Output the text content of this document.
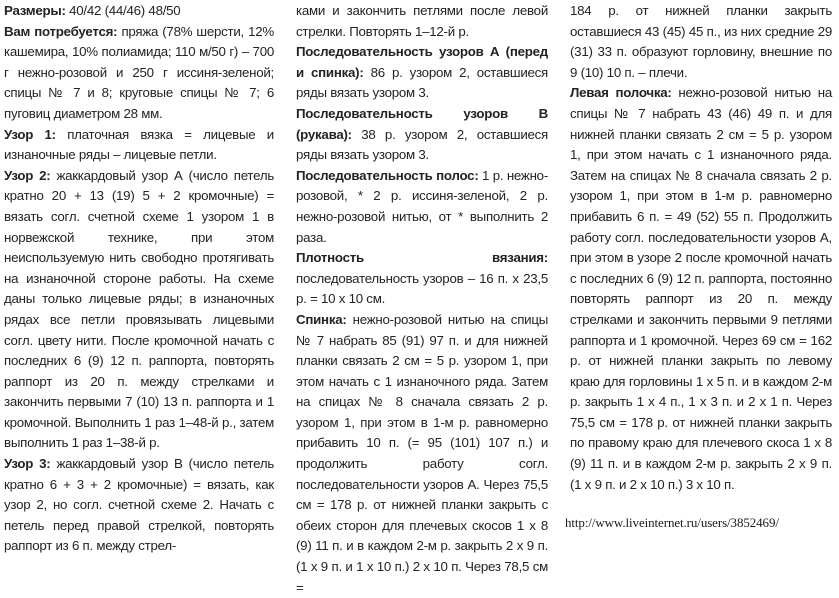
Размеры: 40/42 (44/46) 48/50

Вам потребуется: пряжа (78% шерсти, 12% кашемира, 10% полиамида; 110 м/50 г) – 700 г нежно-розовой и 250 г иссиня-зеленой; спицы № 7 и 8; круговые спицы № 7; 6 пуговиц диаметром 28 мм.

Узор 1: платочная вязка = лицевые и изнаночные ряды – лицевые петли.

Узор 2: жаккардовый узор А (число петель кратно 20 + 13 (19) 5 + 2 кромочные) = вязать согл. счетной схеме 1 узором 1 в норвежской технике, при этом неиспользуемую нить свободно протягивать на изнаночной стороне работы. На схеме даны только лицевые ряды; в изнаночных рядах все петли провязывать лицевыми согл. цвету нити. После кромочной начать с последних 6 (9) 12 п. раппорта, повторять раппорт из 20 п. между стрелками и закончить первыми 7 (10) 13 п. раппорта и 1 кромочной. Выполнить 1 раз 1–48-й р., затем выполнить 1 раз 1–38-й р.

Узор 3: жаккардовый узор В (число петель кратно 6 + 3 + 2 кромочные) = вязать, как узор 2, но согл. счетной схеме 2. Начать с петель перед правой стрелкой, повторять раппорт из 6 п. между стрел-

ками и закончить петлями после левой стрелки. Повторять 1–12-й р.

Последовательность узоров А (перед и спинка): 86 р. узором 2, оставшиеся ряды вязать узором 3.

Последовательность узоров В (рукава): 38 р. узором 2, оставшиеся ряды вязать узором 3.

Последовательность полос: 1 р. нежно-розовой, * 2 р. иссиня-зеленой, 2 р. нежно-розовой нитью, от * выполнить 2 раза.

Плотность вязания: последовательность узоров – 16 п. х 23,5 р. = 10 х 10 см.

Спинка: нежно-розовой нитью на спицы № 7 набрать 85 (91) 97 п. и для нижней планки связать 2 см = 5 р. узором 1, при этом начать с 1 изнаночного ряда. Затем на спицах № 8 сначала связать 2 р. узором 1, при этом в 1-м р. равномерно прибавить 10 п. (= 95 (101) 107 п.) и продолжить работу согл. последовательности узоров А. Через 75,5 см = 178 р. от нижней планки закрыть с обеих сторон для плечевых скосов 1 х 8 (9) 11 п. и в каждом 2-м р. закрыть 2 х 9 п. (1 х 9 п. и 1 х 10 п.) 2 х 10 п. Через 78,5 см =

184 р. от нижней планки закрыть оставшиеся 43 (45) 45 п., из них средние 29 (31) 33 п. образуют горловину, внешние по 9 (10) 10 п. – плечи.

Левая полочка: нежно-розовой нитью на спицы № 7 набрать 43 (46) 49 п. и для нижней планки связать 2 см = 5 р. узором 1, при этом начать с 1 изнаночного ряда. Затем на спицах № 8 сначала связать 2 р. узором 1, при этом в 1-м р. равномерно прибавить 6 п. = 49 (52) 55 п. Продолжить работу согл. последовательности узоров А, при этом в узоре 2 после кромочной начать с последних 6 (9) 12 п. раппорта, постоянно повторять раппорт из 20 п. между стрелками и закончить первыми 9 петлями раппорта и 1 кромочной. Через 69 см = 162 р. от нижней планки закрыть по левому краю для горловины 1 х 5 п. и в каждом 2-м р. закрыть 1 х 4 п., 1 х 3 п. и 2 х 1 п. Через 75,5 см = 178 р. от нижней планки закрыть по правому краю для плечевого скоса 1 х 8 (9) 11 п. и в каждом 2-м р. закрыть 2 х 9 п. (1 х 9 п. и 2 х 10 п.) 3 х 10 п.

http://www.liveinternet.ru/users/3852469/
